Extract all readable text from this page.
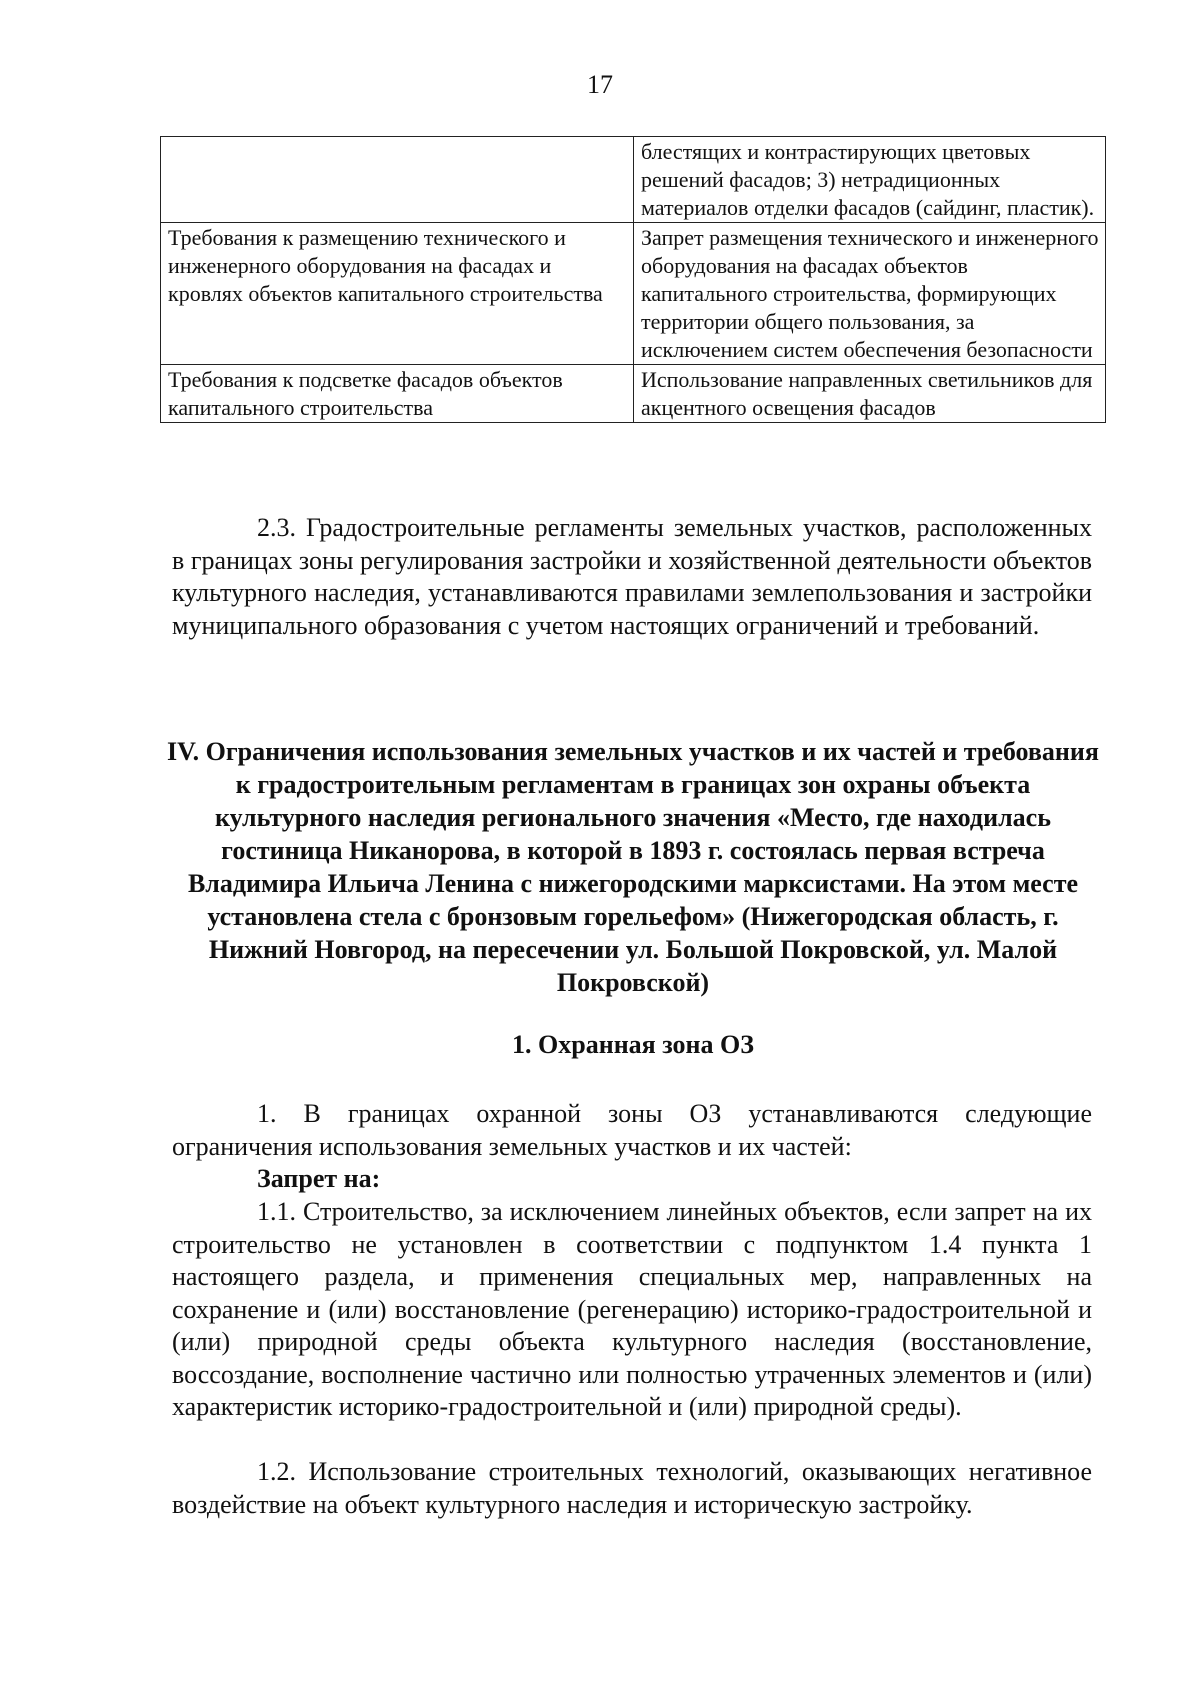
17
	блестящих и контрастирующих цветовых решений фасадов; 3) нетрадиционных материалов отделки фасадов (сайдинг, пластик).
Требования к размещению технического и инженерного оборудования на фасадах и кровлях объектов капитального строительства	Запрет размещения технического и инженерного оборудования на фасадах объектов капитального строительства, формирующих территории общего пользования, за исключением систем обеспечения безопасности
Требования к подсветке фасадов объектов капитального строительства	Использование направленных светильников для акцентного освещения фасадов

2.3. Градостроительные регламенты земельных участков, расположенных в границах зоны регулирования застройки и хозяйственной деятельности объектов культурного наследия, устанавливаются правилами землепользования и застройки муниципального образования с учетом настоящих ограничений и требований.

IV. Ограничения использования земельных участков и их частей и требования к градостроительным регламентам в границах зон охраны объекта культурного наследия регионального значения «Место, где находилась гостиница Никанорова, в которой в 1893 г. состоялась первая встреча Владимира Ильича Ленина с нижегородскими марксистами. На этом месте установлена стела с бронзовым горельефом» (Нижегородская область, г. Нижний Новгород, на пересечении ул. Большой Покровской, ул. Малой Покровской)
1. Охранная зона ОЗ

1. В границах охранной зоны ОЗ устанавливаются следующие ограничения использования земельных участков и их частей:

Запрет на:

1.1. Строительство, за исключением линейных объектов, если запрет на их строительство не установлен в соответствии с подпунктом 1.4 пункта 1 настоящего раздела, и применения специальных мер, направленных на сохранение и (или) восстановление (регенерацию) историко-градостроительной и (или) природной среды объекта культурного наследия (восстановление, воссоздание, восполнение частично или полностью утраченных элементов и (или) характеристик историко-градостроительной и (или) природной среды).

1.2. Использование строительных технологий, оказывающих негативное воздействие на объект культурного наследия и историческую застройку.
